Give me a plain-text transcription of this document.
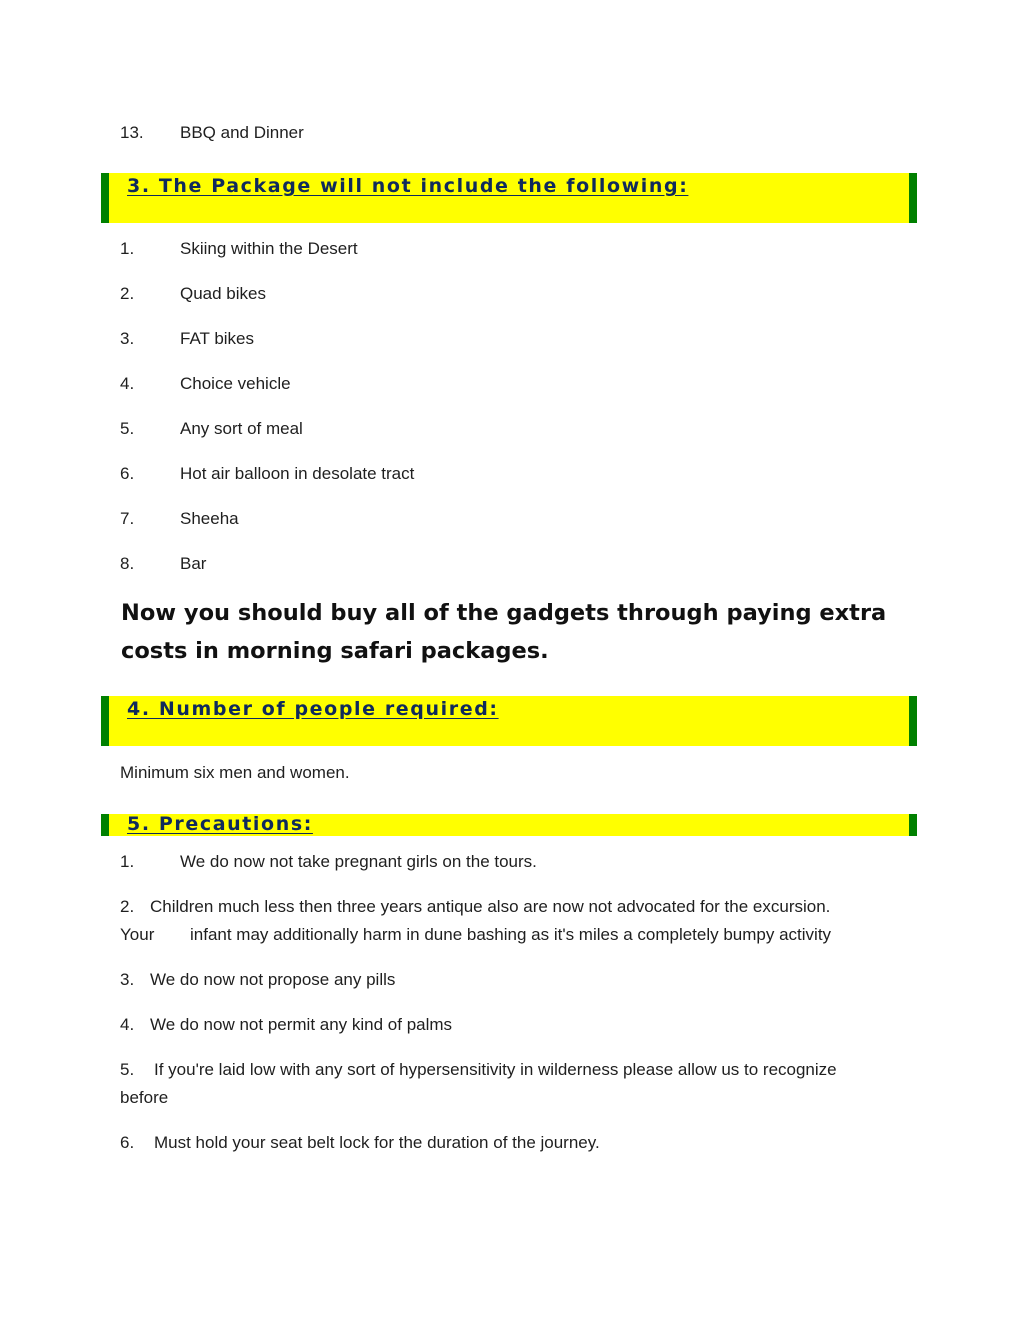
13. BBQ and Dinner
3. The Package will not include the following:
1.	Skiing within the Desert
2.	Quad bikes
3.	FAT bikes
4.	Choice vehicle
5.	Any sort of meal
6.	Hot air balloon in desolate tract
7.	Sheeha
8.	Bar
Now you should buy all of the gadgets through paying extra costs in morning safari packages.
4. Number of people required:
Minimum six men and women.
5. Precautions:
1.	We do now not take pregnant girls on the tours.
2. Children much less then three years antique also are now not advocated for the excursion.
Your infant may additionally harm in dune bashing as it's miles a completely bumpy activity
3. We do now not propose any pills
4. We do now not permit any kind of palms
5. If you're laid low with any sort of hypersensitivity in wilderness please allow us to recognize
before
6. Must hold your seat belt lock for the duration of the journey.
